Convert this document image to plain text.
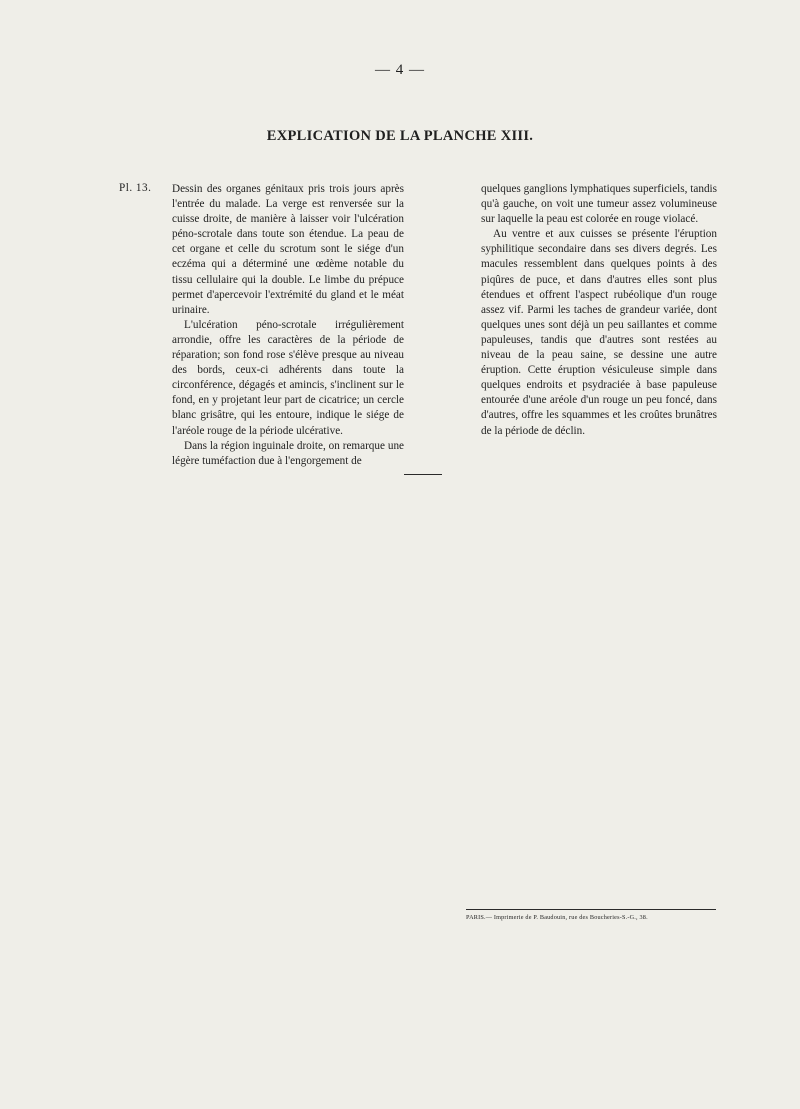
— 4 —
EXPLICATION DE LA PLANCHE XIII.
Pl. 13. Dessin des organes génitaux pris trois jours après l'entrée du malade. La verge est renversée sur la cuisse droite, de manière à laisser voir l'ulcération péno-scrotale dans toute son étendue. La peau de cet organe et celle du scrotum sont le siége d'un eczéma qui a déterminé une œdème notable du tissu cellulaire qui la double. Le limbe du prépuce permet d'apercevoir l'extrémité du gland et le méat urinaire.

L'ulcération péno-scrotale irrégulièrement arrondie, offre les caractères de la période de réparation; son fond rose s'élève presque au niveau des bords, ceux-ci adhérents dans toute la circonférence, dégagés et amincis, s'inclinent sur le fond, en y projetant leur part de cicatrice; un cercle blanc grisâtre, qui les entoure, indique le siége de l'aréole rouge de la période ulcérative.

Dans la région inguinale droite, on remarque une légère tuméfaction due à l'engorgement de

quelques ganglions lymphatiques superficiels, tandis qu'à gauche, on voit une tumeur assez volumineuse sur laquelle la peau est colorée en rouge violacé.

Au ventre et aux cuisses se présente l'éruption syphilitique secondaire dans ses divers degrés. Les macules ressemblent dans quelques points à des piqûres de puce, et dans d'autres elles sont plus étendues et offrent l'aspect rubéolique d'un rouge assez vif. Parmi les taches de grandeur variée, dont quelques unes sont déjà un peu saillantes et comme papuleuses, tandis que d'autres sont restées au niveau de la peau saine, se dessine une autre éruption. Cette éruption vésiculeuse simple dans quelques endroits et psydraciée à base papuleuse entourée d'une aréole d'un rouge un peu foncé, dans d'autres, offre les squammes et les croûtes brunâtres de la période de déclin.

PARIS.— Imprimerie de P. Baudouin, rue des Boucheries-S.-G., 38.
